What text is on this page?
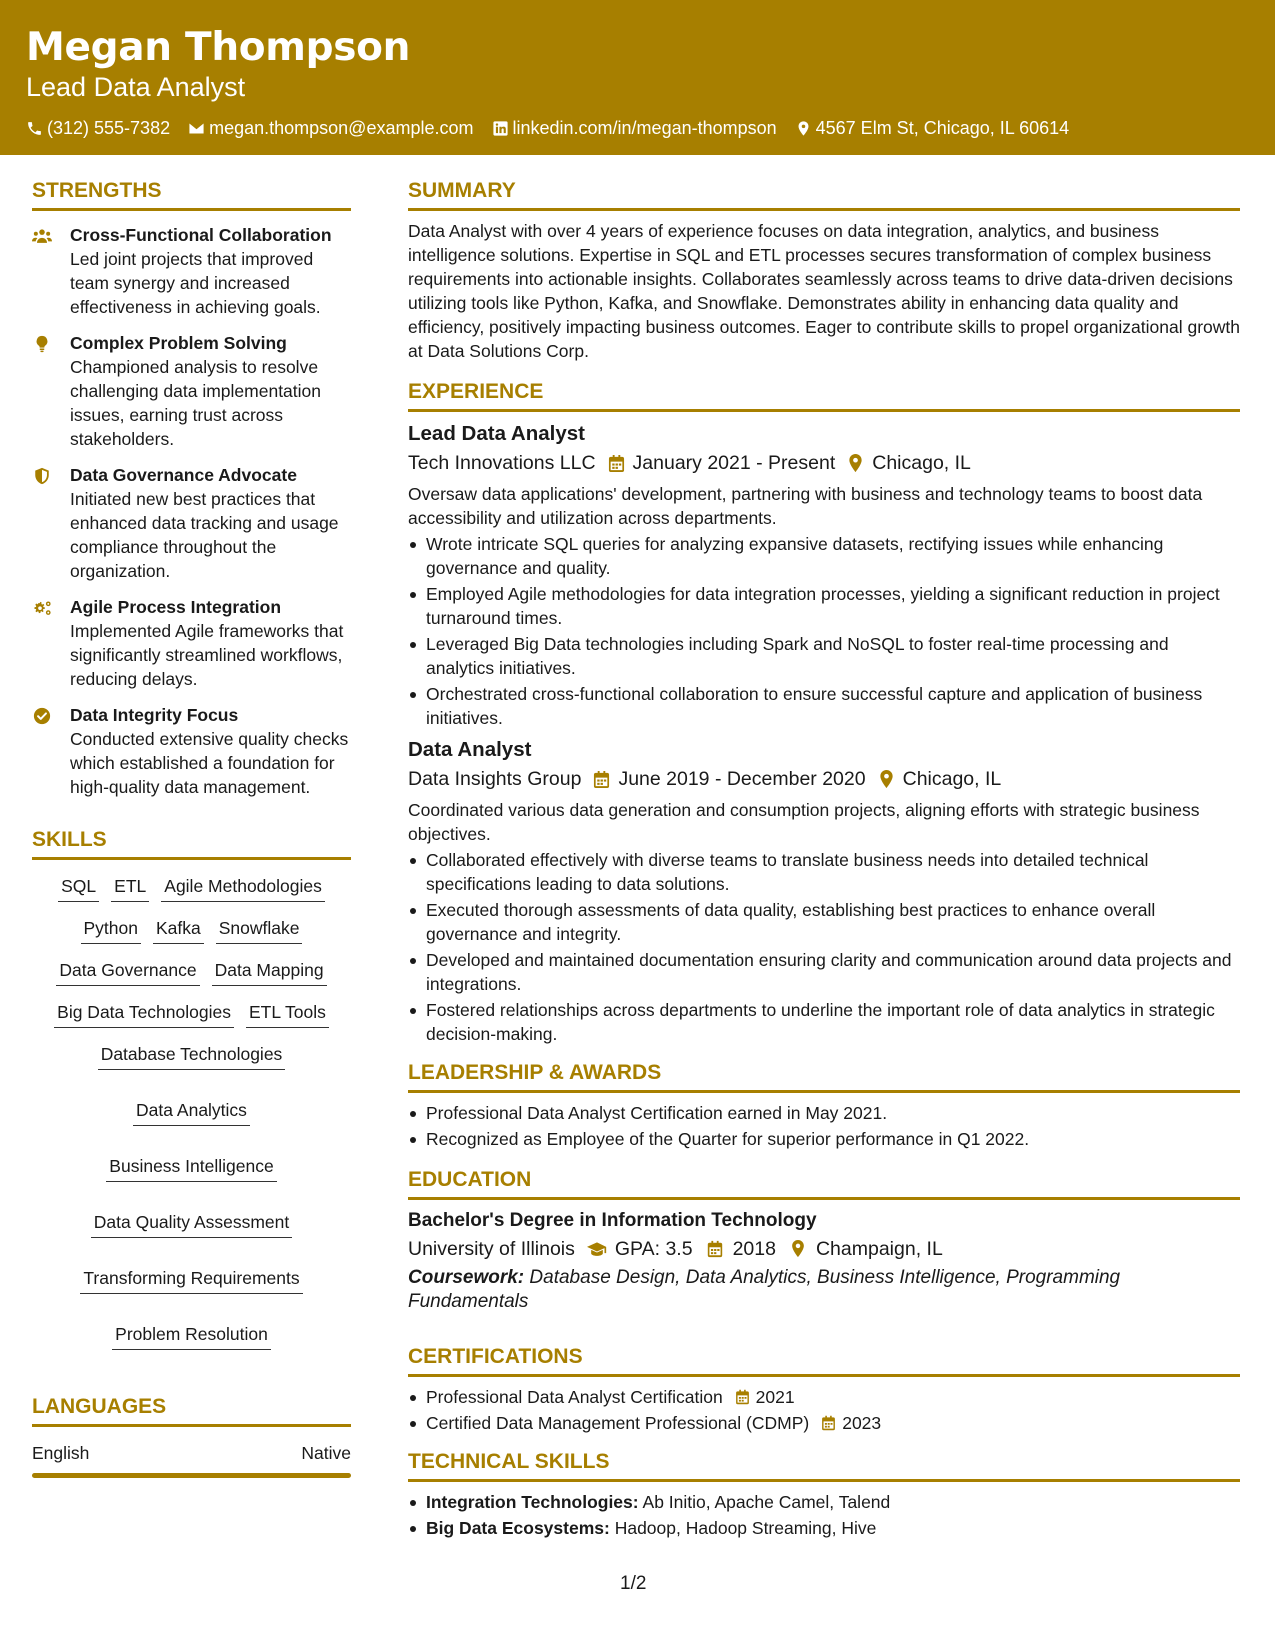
Megan Thompson
Lead Data Analyst
(312) 555-7382 megan.thompson@example.com linkedin.com/in/megan-thompson 4567 Elm St, Chicago, IL 60614
STRENGTHS
Cross-Functional Collaboration
Led joint projects that improved team synergy and increased effectiveness in achieving goals.
Complex Problem Solving
Championed analysis to resolve challenging data implementation issues, earning trust across stakeholders.
Data Governance Advocate
Initiated new best practices that enhanced data tracking and usage compliance throughout the organization.
Agile Process Integration
Implemented Agile frameworks that significantly streamlined workflows, reducing delays.
Data Integrity Focus
Conducted extensive quality checks which established a foundation for high-quality data management.
SKILLS
SQL ETL Agile Methodologies
Python Kafka Snowflake
Data Governance Data Mapping
Big Data Technologies ETL Tools
Database Technologies
Data Analytics
Business Intelligence
Data Quality Assessment
Transforming Requirements
Problem Resolution
LANGUAGES
English	Native
SUMMARY
Data Analyst with over 4 years of experience focuses on data integration, analytics, and business intelligence solutions. Expertise in SQL and ETL processes secures transformation of complex business requirements into actionable insights. Collaborates seamlessly across teams to drive data-driven decisions utilizing tools like Python, Kafka, and Snowflake. Demonstrates ability in enhancing data quality and efficiency, positively impacting business outcomes. Eager to contribute skills to propel organizational growth at Data Solutions Corp.
EXPERIENCE
Lead Data Analyst
Tech Innovations LLC January 2021 - Present Chicago, IL
Oversaw data applications' development, partnering with business and technology teams to boost data accessibility and utilization across departments.
Wrote intricate SQL queries for analyzing expansive datasets, rectifying issues while enhancing governance and quality.
Employed Agile methodologies for data integration processes, yielding a significant reduction in project turnaround times.
Leveraged Big Data technologies including Spark and NoSQL to foster real-time processing and analytics initiatives.
Orchestrated cross-functional collaboration to ensure successful capture and application of business initiatives.
Data Analyst
Data Insights Group June 2019 - December 2020 Chicago, IL
Coordinated various data generation and consumption projects, aligning efforts with strategic business objectives.
Collaborated effectively with diverse teams to translate business needs into detailed technical specifications leading to data solutions.
Executed thorough assessments of data quality, establishing best practices to enhance overall governance and integrity.
Developed and maintained documentation ensuring clarity and communication around data projects and integrations.
Fostered relationships across departments to underline the important role of data analytics in strategic decision-making.
LEADERSHIP & AWARDS
Professional Data Analyst Certification earned in May 2021.
Recognized as Employee of the Quarter for superior performance in Q1 2022.
EDUCATION
Bachelor's Degree in Information Technology
University of Illinois GPA: 3.5 2018 Champaign, IL
Coursework: Database Design, Data Analytics, Business Intelligence, Programming Fundamentals
CERTIFICATIONS
Professional Data Analyst Certification 2021
Certified Data Management Professional (CDMP) 2023
TECHNICAL SKILLS
Integration Technologies: Ab Initio, Apache Camel, Talend
Big Data Ecosystems: Hadoop, Hadoop Streaming, Hive
1/2
